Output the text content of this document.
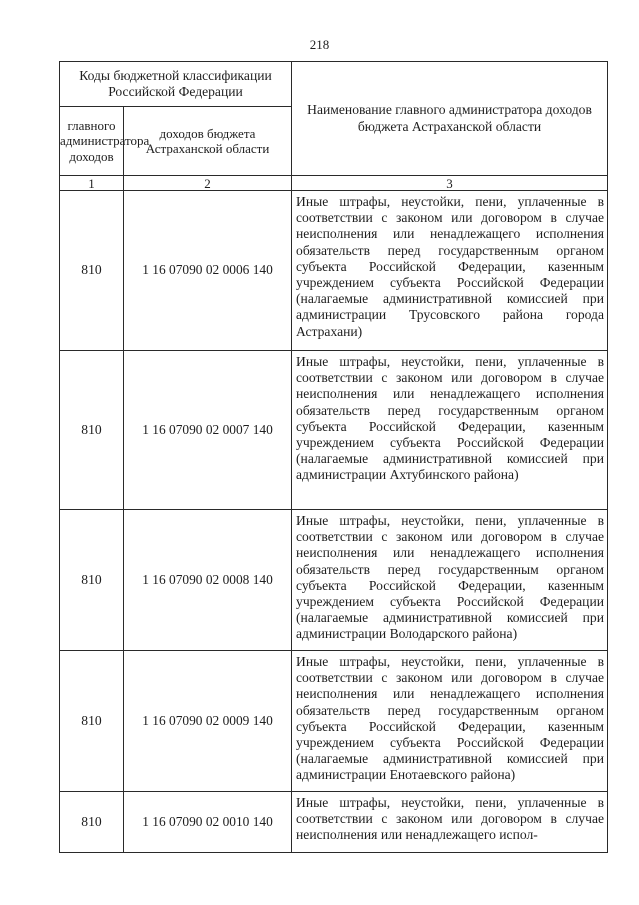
218
Коды бюджетной классификации Российской Федерации		Наименование главного администратора доходов бюджета Астраханской области
главного администратора доходов	доходов бюджета Астраханской области	
1	2	3
810	1 16 07090 02 0006 140	Иные штрафы, неустойки, пени, уплаченные в соответствии с законом или договором в случае неисполнения или ненадлежащего исполнения обязательств перед государственным органом субъекта Российской Федерации, казенным учреждением субъекта Российской Федерации (налагаемые административной комиссией при администрации Трусовского района города Астрахани)
810	1 16 07090 02 0007 140	Иные штрафы, неустойки, пени, уплаченные в соответствии с законом или договором в случае неисполнения или ненадлежащего исполнения обязательств перед государственным органом субъекта Российской Федерации, казенным учреждением субъекта Российской Федерации (налагаемые административной комиссией при администрации Ахтубинского района)
810	1 16 07090 02 0008 140	Иные штрафы, неустойки, пени, уплаченные в соответствии с законом или договором в случае неисполнения или ненадлежащего исполнения обязательств перед государственным органом субъекта Российской Федерации, казенным учреждением субъекта Российской Федерации (налагаемые административной комиссией при администрации Володарского района)
810	1 16 07090 02 0009 140	Иные штрафы, неустойки, пени, уплаченные в соответствии с законом или договором в случае неисполнения или ненадлежащего исполнения обязательств перед государственным органом субъекта Российской Федерации, казенным учреждением субъекта Российской Федерации (налагаемые административной комиссией при администрации Енотаевского района)
810	1 16 07090 02 0010 140	Иные штрафы, неустойки, пени, уплаченные в соответствии с законом или договором в случае неисполнения или ненадлежащего испол-
